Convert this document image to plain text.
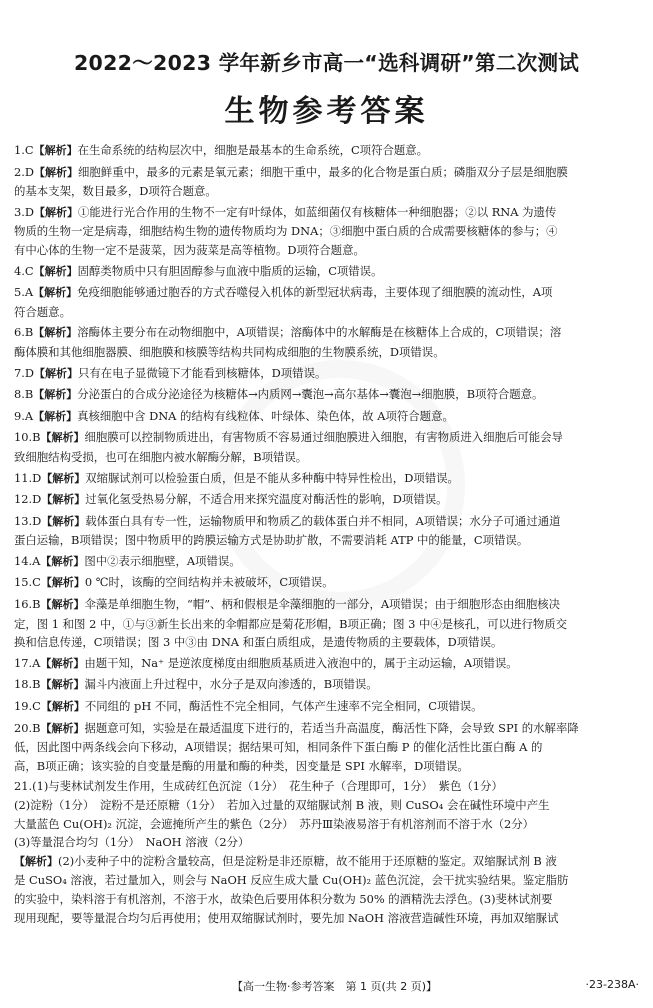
2022～2023 学年新乡市高一“选科调研”第二次测试
生物参考答案
1.C【解析】在生命系统的结构层次中，细胞是最基本的生命系统，C项符合题意。
2.D【解析】细胞鲜重中，最多的元素是氧元素；细胞干重中，最多的化合物是蛋白质；磷脂双分子层是细胞膜
的基本支架，数目最多，D项符合题意。
3.D【解析】①能进行光合作用的生物不一定有叶绿体，如蓝细菌仅有核糖体一种细胞器；②以 RNA 为遗传
物质的生物一定是病毒，细胞结构生物的遗传物质均为 DNA；③细胞中蛋白质的合成需要核糖体的参与；④
有中心体的生物一定不是菠菜，因为菠菜是高等植物。D项符合题意。
4.C【解析】固醇类物质中只有胆固醇参与血液中脂质的运输，C项错误。
5.A【解析】免疫细胞能够通过胞吞的方式吞噬侵入机体的新型冠状病毒，主要体现了细胞膜的流动性，A项
符合题意。
6.B【解析】溶酶体主要分布在动物细胞中，A项错误；溶酶体中的水解酶是在核糖体上合成的，C项错误；溶
酶体膜和其他细胞器膜、细胞膜和核膜等结构共同构成细胞的生物膜系统，D项错误。
7.D【解析】只有在电子显微镜下才能看到核糖体，D项错误。
8.B【解析】分泌蛋白的合成分泌途径为核糖体→内质网→囊泡→高尔基体→囊泡→细胞膜，B项符合题意。
9.A【解析】真核细胞中含 DNA 的结构有线粒体、叶绿体、染色体，故 A项符合题意。
10.B【解析】细胞膜可以控制物质进出，有害物质不容易通过细胞膜进入细胞，有害物质进入细胞后可能会导
致细胞结构受损，也可在细胞内被水解酶分解，B项错误。
11.D【解析】双缩脲试剂可以检验蛋白质，但是不能从多种酶中特异性检出，D项错误。
12.D【解析】过氧化氢受热易分解，不适合用来探究温度对酶活性的影响，D项错误。
13.D【解析】载体蛋白具有专一性，运输物质甲和物质乙的载体蛋白并不相同，A项错误；水分子可通过通道
蛋白运输，B项错误；图中物质甲的跨膜运输方式是协助扩散，不需要消耗 ATP 中的能量，C项错误。
14.A【解析】图中②表示细胞壁，A项错误。
15.C【解析】0 ℃时，该酶的空间结构并未被破坏，C项错误。
16.B【解析】伞藻是单细胞生物，“帽”、柄和假根是伞藻细胞的一部分，A项错误；由于细胞形态由细胞核决
定，图 1 和图 2 中，①与③新生长出来的伞帽都应是菊花形帽，B项正确；图 3 中④是核孔，可以进行物质交
换和信息传递，C项错误；图 3 中③由 DNA 和蛋白质组成，是遗传物质的主要载体，D项错误。
17.A【解析】由题干知，Na⁺ 是逆浓度梯度由细胞质基质进入液泡中的，属于主动运输，A项错误。
18.B【解析】漏斗内液面上升过程中，水分子是双向渗透的，B项错误。
19.C【解析】不同组的 pH 不同，酶活性不完全相同，气体产生速率不完全相同，C项错误。
20.B【解析】据题意可知，实验是在最适温度下进行的，若适当升高温度，酶活性下降，会导致 SPI 的水解率降
低，因此图中两条线会向下移动，A项错误；据结果可知，相同条件下蛋白酶 P 的催化活性比蛋白酶 A 的
高，B项正确；该实验的自变量是酶的用量和酶的种类，因变量是 SPI 水解率，D项错误。
21.(1)与斐林试剂发生作用，生成砖红色沉淀（1分）　花生种子（合理即可，1分）　紫色（1分）
(2)淀粉（1分）　淀粉不是还原糖（1分）　若加入过量的双缩脲试剂 B 液，则 CuSO₄ 会在碱性环境中产生
大量蓝色 Cu(OH)₂ 沉淀，会遮掩所产生的紫色（2分）　苏丹Ⅲ染液易溶于有机溶剂而不溶于水（2分）
(3)等量混合均匀（1分）　NaOH 溶液（2分）
【解析】(2)小麦种子中的淀粉含量较高，但是淀粉是非还原糖，故不能用于还原糖的鉴定。双缩脲试剂 B 液
是 CuSO₄ 溶液，若过量加入，则会与 NaOH 反应生成大量 Cu(OH)₂ 蓝色沉淀，会干扰实验结果。鉴定脂肪
的实验中，染料溶于有机溶剂，不溶于水，故染色后要用体积分数为 50% 的酒精洗去浮色。(3)斐林试剂要
现用现配，要等量混合均匀后再使用；使用双缩脲试剂时，要先加 NaOH 溶液营造碱性环境，再加双缩脲试
【高一生物·参考答案　第 1 页(共 2 页)】	·23-238A·
